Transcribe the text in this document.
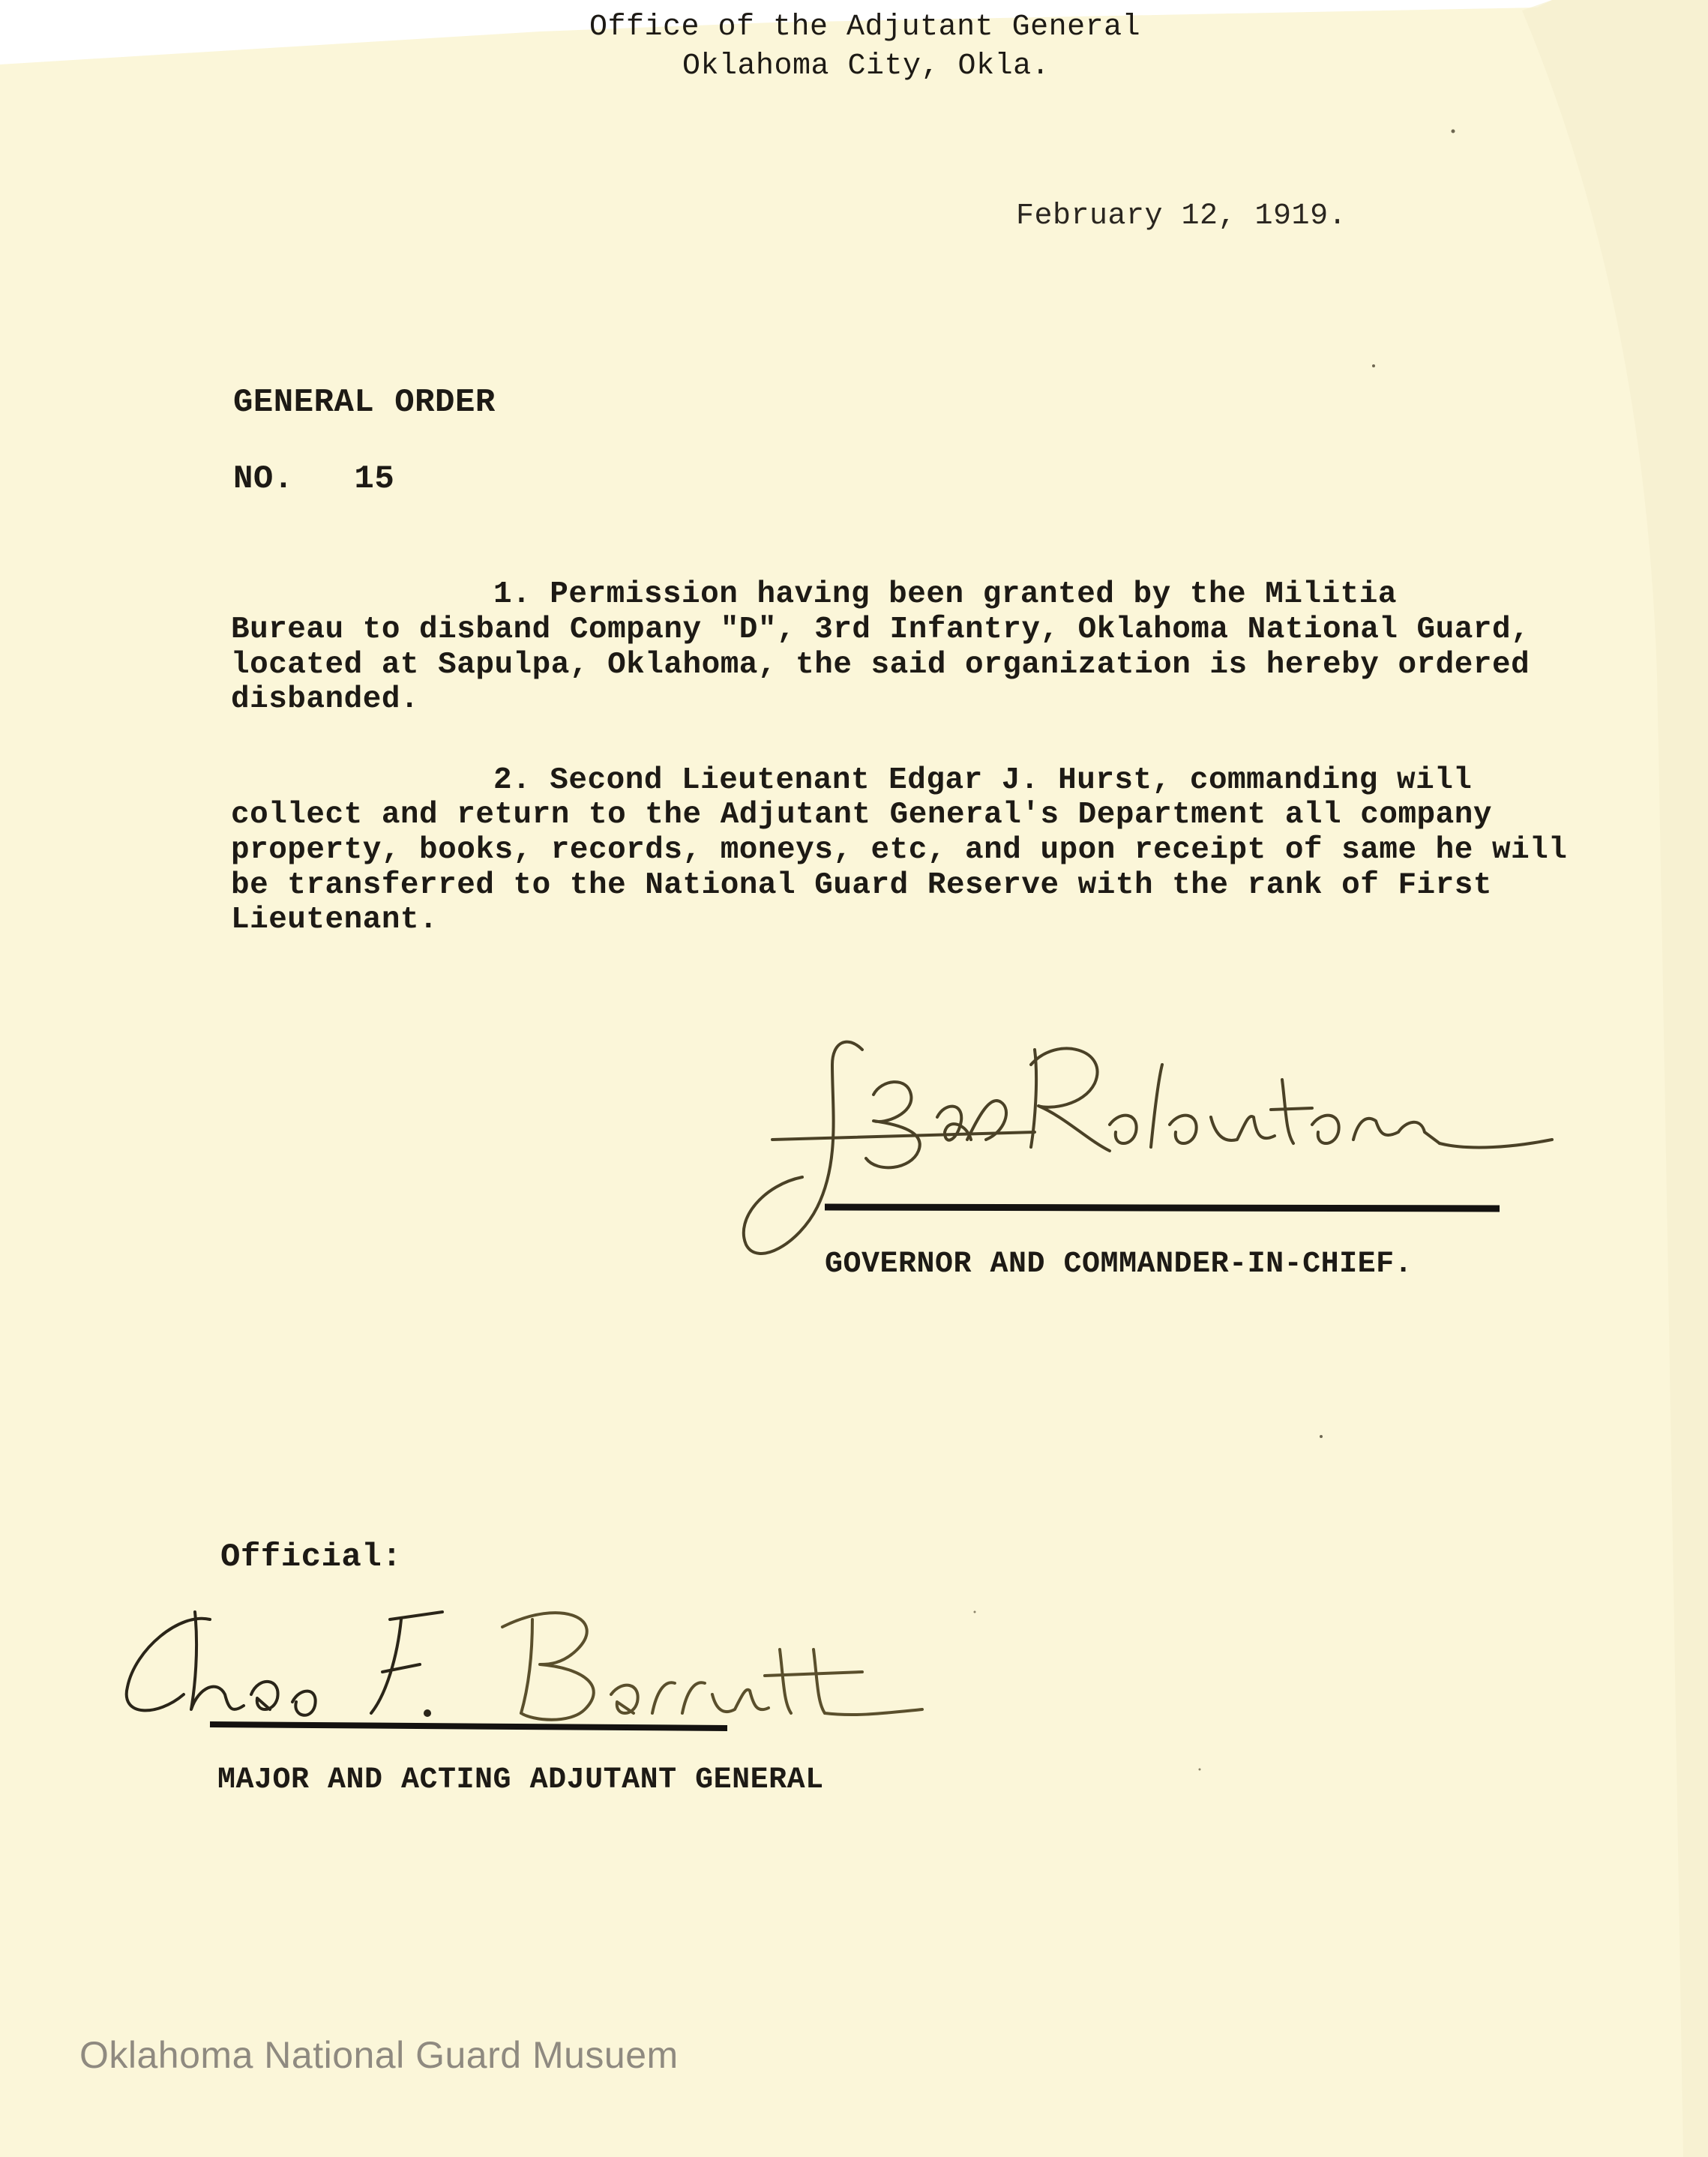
Office of the Adjutant General
Oklahoma City, Okla.
February 12, 1919.
GENERAL ORDER
NO.   15
1. Permission having been granted by the Militia
Bureau to disband Company "D", 3rd Infantry, Oklahoma National Guard,
located at Sapulpa, Oklahoma, the said organization is hereby ordered
disbanded.
2. Second Lieutenant Edgar J. Hurst, commanding will
collect and return to the Adjutant General's Department all company
property, books, records, moneys, etc, and upon receipt of same he will
be transferred to the National Guard Reserve with the rank of First
Lieutenant.
GOVERNOR AND COMMANDER-IN-CHIEF.
Official:
MAJOR AND ACTING ADJUTANT GENERAL
Oklahoma National Guard Musuem
